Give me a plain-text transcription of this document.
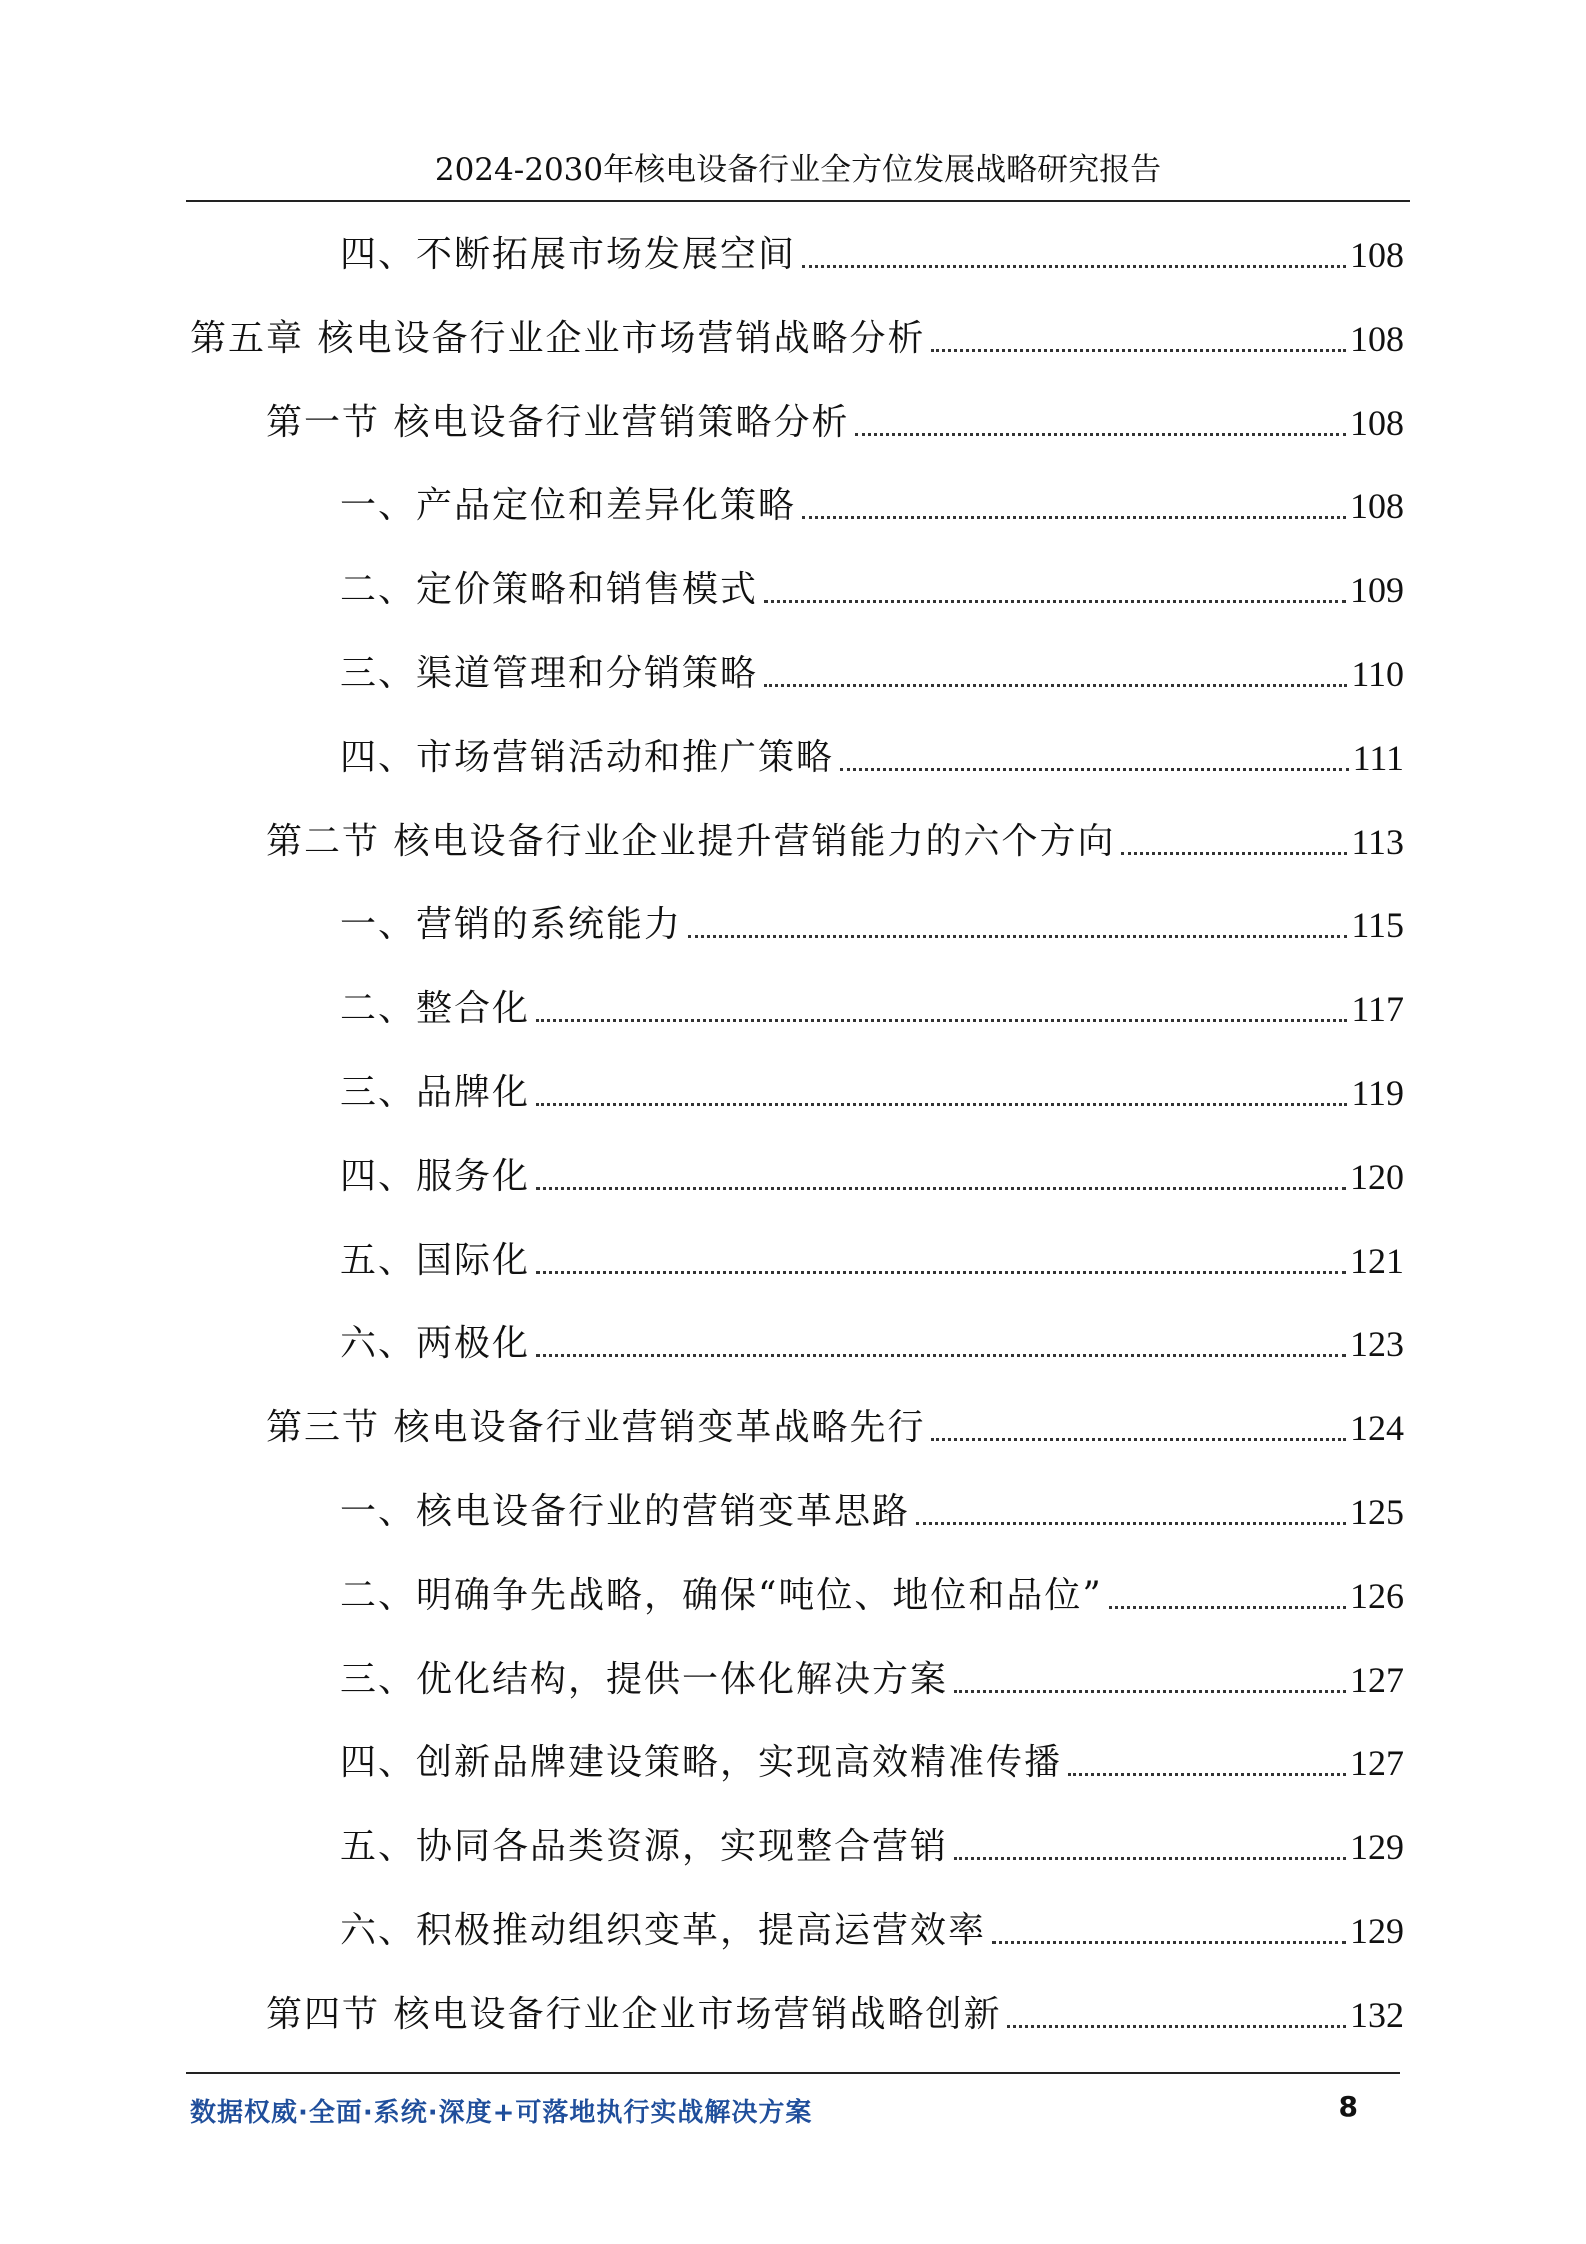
2024-2030年核电设备行业全方位发展战略研究报告
四、不断拓展市场发展空间	108
第五章 核电设备行业企业市场营销战略分析	108
第一节 核电设备行业营销策略分析	108
一、产品定位和差异化策略	108
二、定价策略和销售模式	109
三、渠道管理和分销策略	110
四、市场营销活动和推广策略	111
第二节 核电设备行业企业提升营销能力的六个方向	113
一、营销的系统能力	115
二、整合化	117
三、品牌化	119
四、服务化	120
五、国际化	121
六、两极化	123
第三节 核电设备行业营销变革战略先行	124
一、核电设备行业的营销变革思路	125
二、明确争先战略，确保“吨位、地位和品位”	126
三、优化结构，提供一体化解决方案	127
四、创新品牌建设策略，实现高效精准传播	127
五、协同各品类资源，实现整合营销	129
六、积极推动组织变革，提高运营效率	129
第四节 核电设备行业企业市场营销战略创新	132
数据权威·全面·系统·深度+可落地执行实战解决方案	8
